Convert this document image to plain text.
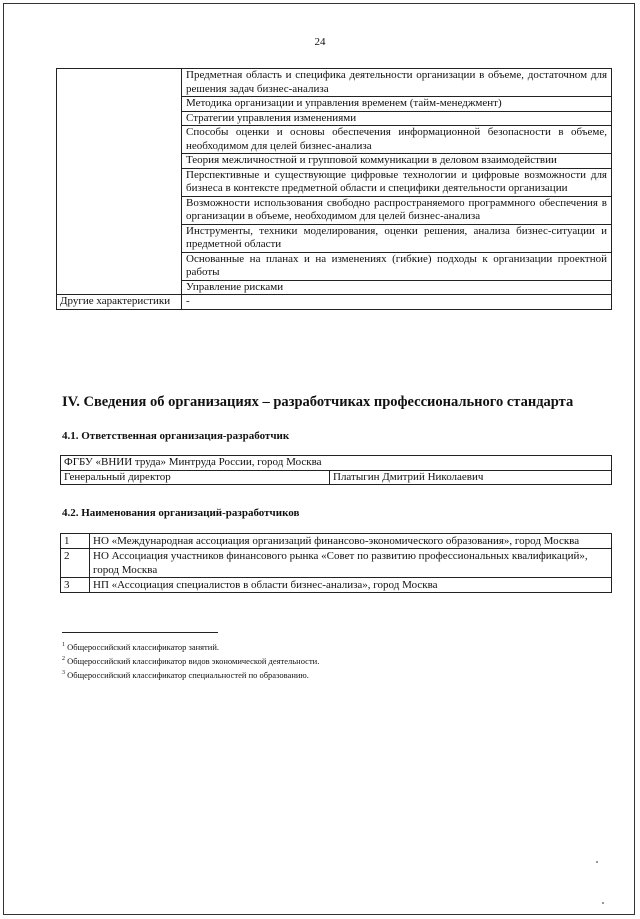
24
	Предметная область и специфика деятельности организации в объеме, достаточном для решения задач бизнес-анализа
	Методика организации и управления временем (тайм-менеджмент)
	Стратегии управления изменениями
	Способы оценки и основы обеспечения информационной безопасности в объеме, необходимом для целей бизнес-анализа
	Теория межличностной и групповой коммуникации в деловом взаимодействии
	Перспективные и существующие цифровые технологии и цифровые возможности для бизнеса в контексте предметной области и специфики деятельности организации
	Возможности использования свободно распространяемого программного обеспечения в организации в объеме, необходимом для целей бизнес-анализа
	Инструменты, техники моделирования, оценки решения, анализа бизнес-ситуации и предметной области
	Основанные на планах и на изменениях (гибкие) подходы к организации проектной работы
	Управление рисками
Другие характеристики	-
IV. Сведения об организациях – разработчиках профессионального стандарта
4.1. Ответственная организация-разработчик
ФГБУ «ВНИИ труда» Минтруда России, город Москва
Генеральный директор	Платыгин Дмитрий Николаевич
4.2. Наименования организаций-разработчиков
1	НО «Международная ассоциация организаций финансово-экономического образования», город Москва
2	НО Ассоциация участников финансового рынка «Совет по развитию профессиональных квалификаций», город Москва
3	НП «Ассоциация специалистов в области бизнес-анализа», город Москва
$^1$ Общероссийский классификатор занятий.
$^2$ Общероссийский классификатор видов экономической деятельности.
$^3$ Общероссийский классификатор специальностей по образованию.
